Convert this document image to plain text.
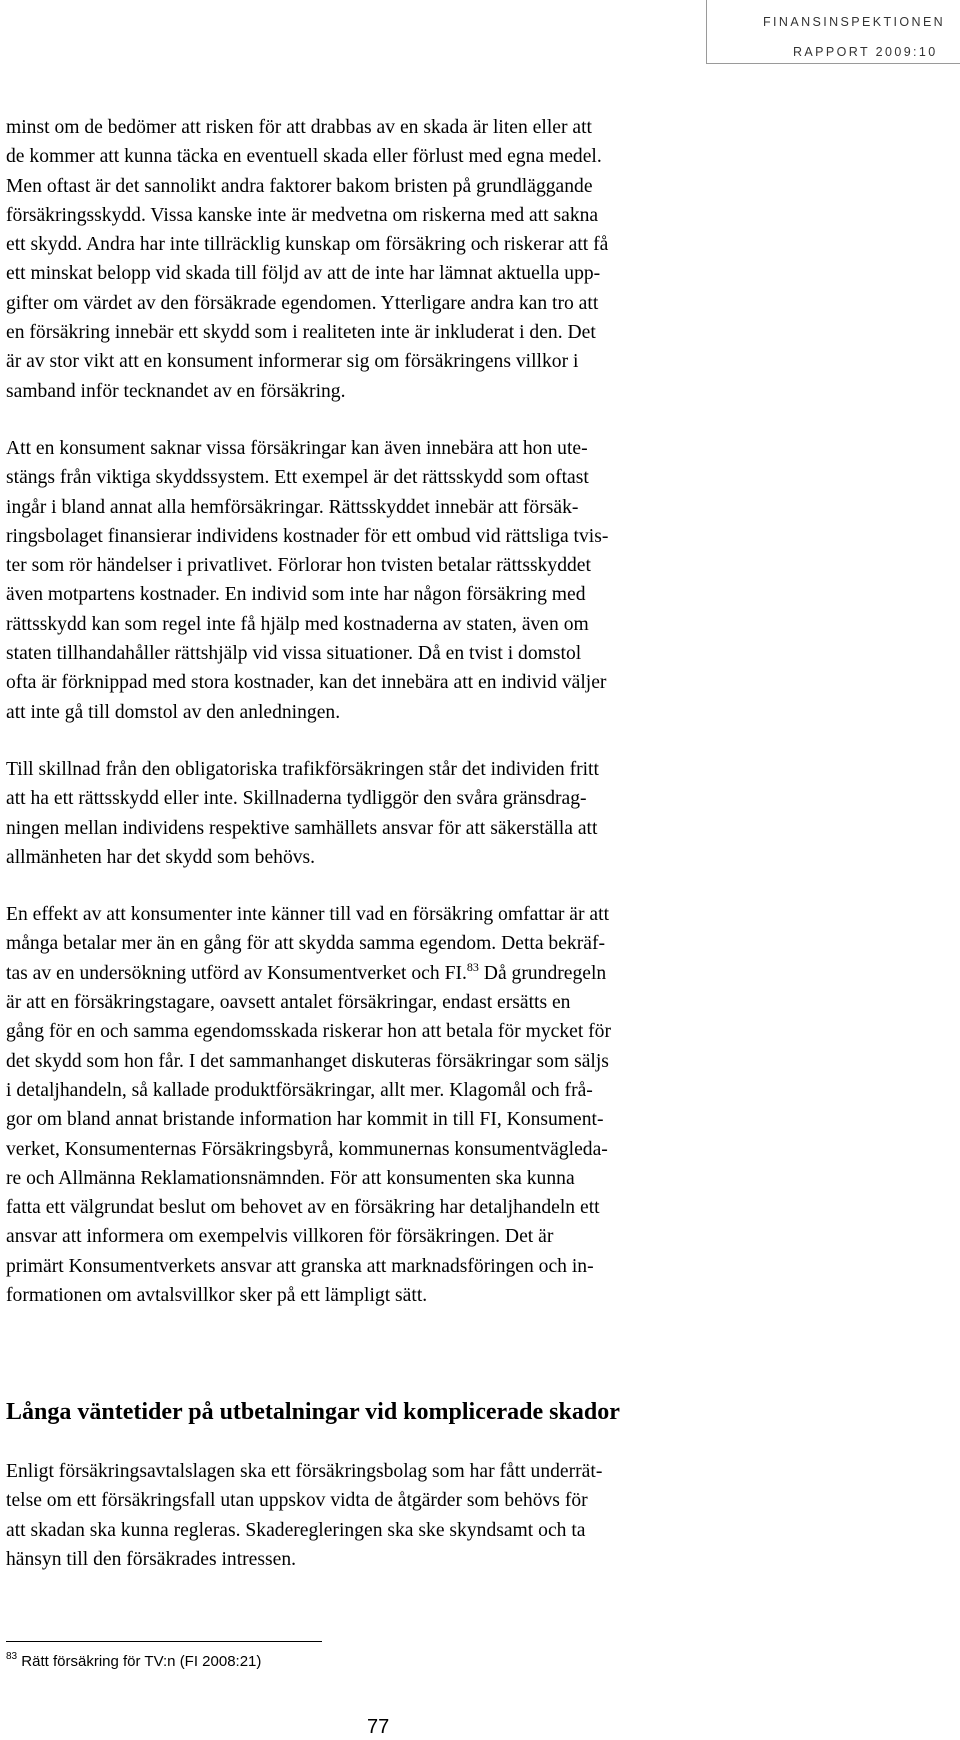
FINANSINSPEKTIONEN
RAPPORT 2009:10

minst om de bedömer att risken för att drabbas av en skada är liten eller att
de kommer att kunna täcka en eventuell skada eller förlust med egna medel.
Men oftast är det sannolikt andra faktorer bakom bristen på grundläggande
försäkringsskydd. Vissa kanske inte är medvetna om riskerna med att sakna
ett skydd. Andra har inte tillräcklig kunskap om försäkring och riskerar att få
ett minskat belopp vid skada till följd av att de inte har lämnat aktuella upp-
gifter om värdet av den försäkrade egendomen. Ytterligare andra kan tro att
en försäkring innebär ett skydd som i realiteten inte är inkluderat i den. Det
är av stor vikt att en konsument informerar sig om försäkringens villkor i
samband inför tecknandet av en försäkring.

Att en konsument saknar vissa försäkringar kan även innebära att hon ute-
stängs från viktiga skyddssystem. Ett exempel är det rättsskydd som oftast
ingår i bland annat alla hemförsäkringar. Rättsskyddet innebär att försäk-
ringsbolaget finansierar individens kostnader för ett ombud vid rättsliga tvis-
ter som rör händelser i privatlivet. Förlorar hon tvisten betalar rättsskyddet
även motpartens kostnader. En individ som inte har någon försäkring med
rättsskydd kan som regel inte få hjälp med kostnaderna av staten, även om
staten tillhandahåller rättshjälp vid vissa situationer. Då en tvist i domstol
ofta är förknippad med stora kostnader, kan det innebära att en individ väljer
att inte gå till domstol av den anledningen.

Till skillnad från den obligatoriska trafikförsäkringen står det individen fritt
att ha ett rättsskydd eller inte. Skillnaderna tydliggör den svåra gränsdrag-
ningen mellan individens respektive samhällets ansvar för att säkerställa att
allmänheten har det skydd som behövs.

En effekt av att konsumenter inte känner till vad en försäkring omfattar är att
många betalar mer än en gång för att skydda samma egendom. Detta bekräf-
tas av en undersökning utförd av Konsumentverket och FI.$^{83}$ Då grundregeln
är att en försäkringstagare, oavsett antalet försäkringar, endast ersätts en
gång för en och samma egendomsskada riskerar hon att betala för mycket för
det skydd som hon får. I det sammanhanget diskuteras försäkringar som säljs
i detaljhandeln, så kallade produktförsäkringar, allt mer. Klagomål och frå-
gor om bland annat bristande information har kommit in till FI, Konsument-
verket, Konsumenternas Försäkringsbyrå, kommunernas konsumentvägleda-
re och Allmänna Reklamationsnämnden. För att konsumenten ska kunna
fatta ett välgrundat beslut om behovet av en försäkring har detaljhandeln ett
ansvar att informera om exempelvis villkoren för försäkringen. Det är
primärt Konsumentverkets ansvar att granska att marknadsföringen och in-
formationen om avtalsvillkor sker på ett lämpligt sätt.

Långa väntetider på utbetalningar vid komplicerade skador
Enligt försäkringsavtalslagen ska ett försäkringsbolag som har fått underrät-
telse om ett försäkringsfall utan uppskov vidta de åtgärder som behövs för
att skadan ska kunna regleras. Skaderegleringen ska ske skyndsamt och ta
hänsyn till den försäkrades intressen.
$^{83}$ Rätt försäkring för TV:n (FI 2008:21)
77
